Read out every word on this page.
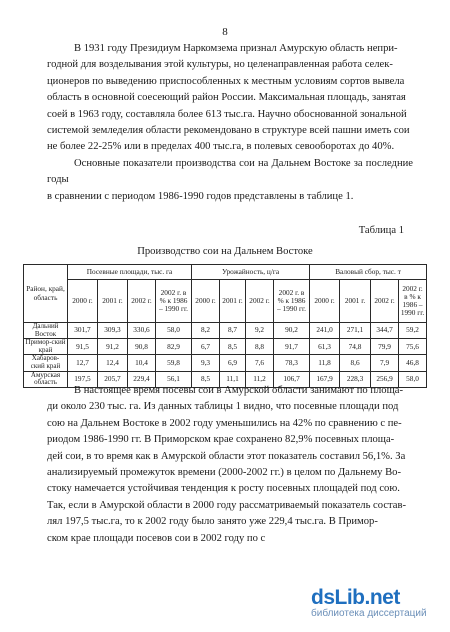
8

В 1931 году Президиум Наркомзема признал Амурскую область непри-

годной для возделывания этой культуры, но целенаправленная работа селек-

ционеров по выведению приспособленных к местным условиям сортов вывела

область в основной соесеющий район России. Максимальная площадь, занятая

соей в 1963 году, составляла более 613 тыс.га. Научно обоснованной зональной

системой земледелия области рекомендовано в структуре всей пашни иметь сои

не более 22-25% или в пределах 400 тыс.га, в полевых севооборотах до 40%.

Основные показатели производства сои на Дальнем Востоке за последние годы

в сравнении с периодом 1986-1990 годов представлены в таблице 1.

Таблица 1
Производство сои на Дальнем Востоке
Район, край, область	Посевные площади, тыс. га				Урожайность, ц/га				Валовый сбор, тыс. т			
	2000 г.	2001 г.	2002 г.	2002 г. в % к 1986 – 1990 гг.	2000 г.	2001 г.	2002 г.	2002 г. в % к 1986 – 1990 гг.	2000 г.	2001 г.	2002 г.	2002 г. в % к 1986 – 1990 гг.
Дальний Восток	301,7	309,3	330,6	58,0	8,2	8,7	9,2	90,2	241,0	271,1	344,7	59,2
Примор-ский край	91,5	91,2	90,8	82,9	6,7	8,5	8,8	91,7	61,3	74,8	79,9	75,6
Хабаров-ский край	12,7	12,4	10,4	59,8	9,3	6,9	7,6	78,3	11,8	8,6	7,9	46,8
Амурская область	197,5	205,7	229,4	56,1	8,5	11,1	11,2	106,7	167,9	228,3	256,9	58,0

В настоящее время посевы сои в Амурской области занимают по площа-

ди около 230 тыс. га. Из данных таблицы 1 видно, что посевные площади под

сою на Дальнем Востоке в 2002 году уменьшились на 42% по сравнению с пе-

риодом 1986-1990 гг. В Приморском крае сохранено 82,9% посевных площа-

дей сои, в то время как в Амурской области этот показатель составил 56,1%. За

анализируемый промежуток времени (2000-2002 гг.) в целом по Дальнему Во-

стоку намечается устойчивая тенденция к росту посевных площадей под сою.

Так, если в Амурской области в 2000 году рассматриваемый показатель состав-

лял 197,5 тыс.га, то к 2002 году было занято уже 229,4 тыс.га. В Примор-

ском крае площади посевов сои в 2002 году по с

dsLib.net
библиотека диссертаций
